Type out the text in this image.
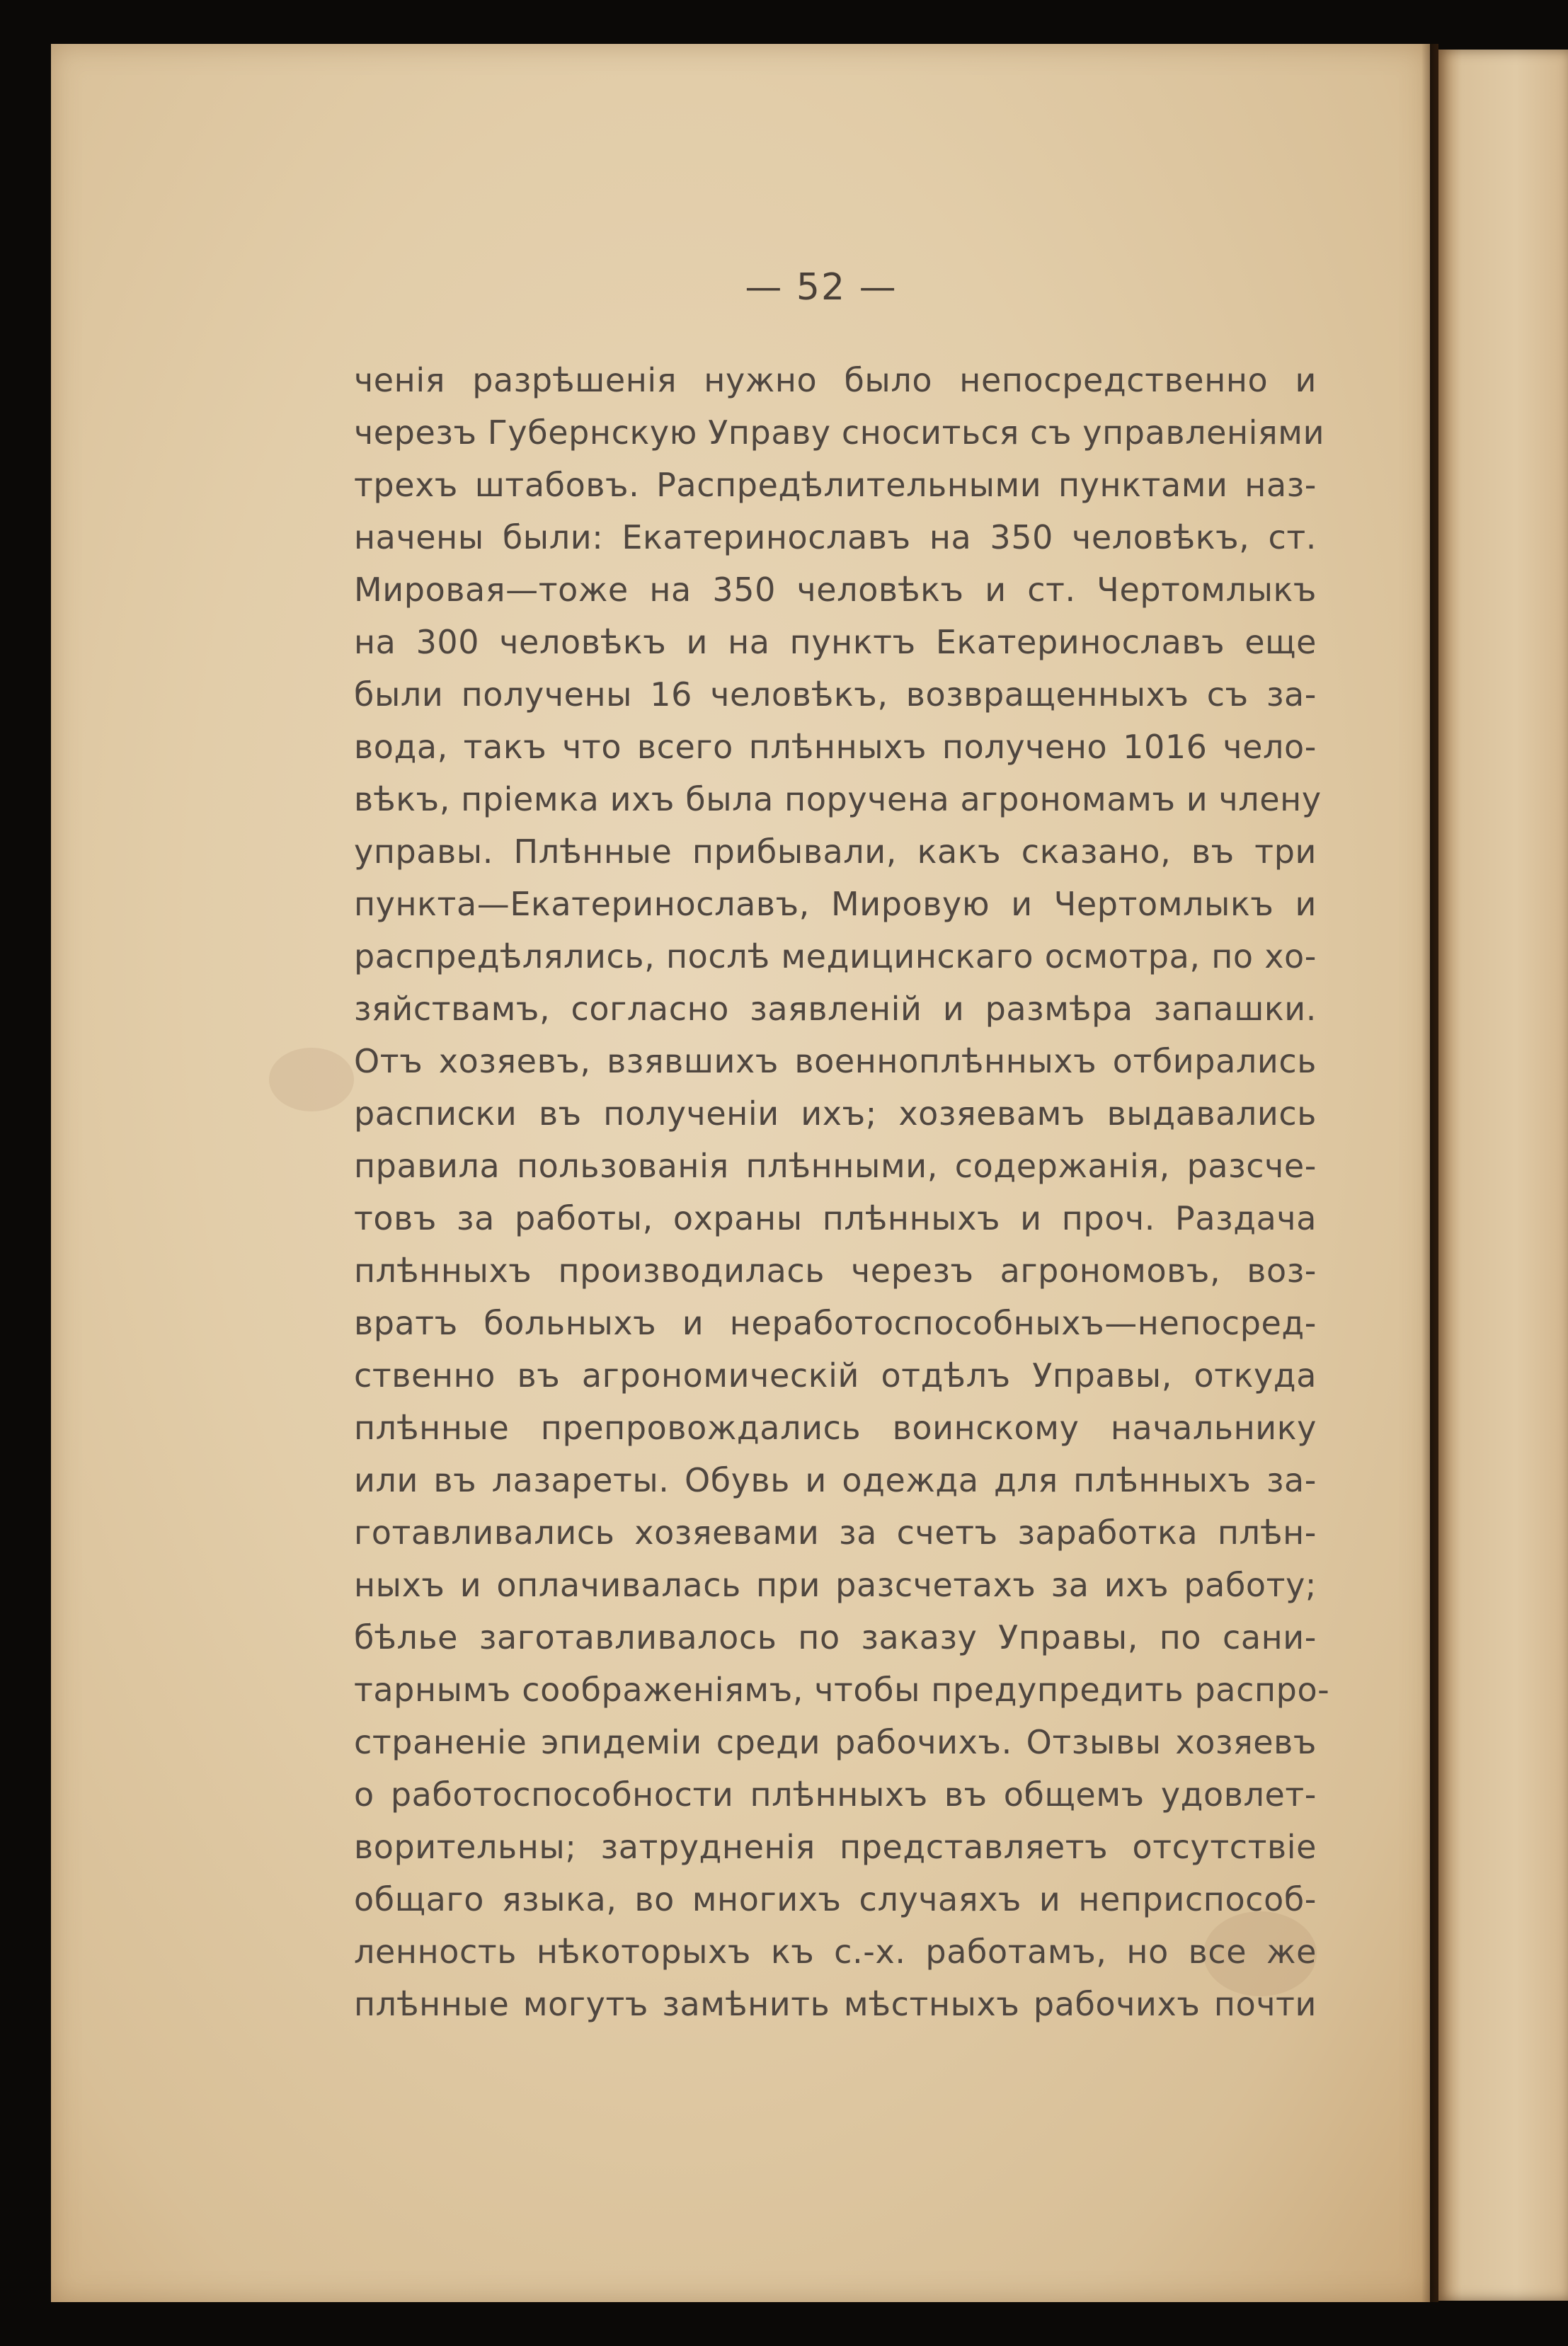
— 52 —
ченія разрѣшенія нужно было непосредственно и
черезъ Губернскую Управу сноситься съ управленіями
трехъ штабовъ. Распредѣлительными пунктами наз-
начены были: Екатеринославъ на 350 человѣкъ, ст.
Мировая—тоже на 350 человѣкъ и ст. Чертомлыкъ
на 300 человѣкъ и на пунктъ Екатеринославъ еще
были получены 16 человѣкъ, возвращенныхъ съ за-
вода, такъ что всего плѣнныхъ получено 1016 чело-
вѣкъ, пріемка ихъ была поручена агрономамъ и члену
управы. Плѣнные прибывали, какъ сказано, въ три
пункта—Екатеринославъ, Мировую и Чертомлыкъ и
распредѣлялись, послѣ медицинскаго осмотра, по хо-
зяйствамъ, согласно заявленій и размѣра запашки.
Отъ хозяевъ, взявшихъ военноплѣнныхъ отбирались
расписки въ полученіи ихъ; хозяевамъ выдавались
правила пользованія плѣнными, содержанія, разсче-
товъ за работы, охраны плѣнныхъ и проч. Раздача
плѣнныхъ производилась черезъ агрономовъ, воз-
вратъ больныхъ и неработоспособныхъ—непосред-
ственно въ агрономическій отдѣлъ Управы, откуда
плѣнные препровождались воинскому начальнику
или въ лазареты. Обувь и одежда для плѣнныхъ за-
готавливались хозяевами за счетъ заработка плѣн-
ныхъ и оплачивалась при разсчетахъ за ихъ работу;
бѣлье заготавливалось по заказу Управы, по сани-
тарнымъ соображеніямъ, чтобы предупредить распро-
страненіе эпидеміи среди рабочихъ. Отзывы хозяевъ
о работоспособности плѣнныхъ въ общемъ удовлет-
ворительны; затрудненія представляетъ отсутствіе
общаго языка, во многихъ случаяхъ и неприспособ-
ленность нѣкоторыхъ къ с.-х. работамъ, но все же
плѣнные могутъ замѣнить мѣстныхъ рабочихъ почти
